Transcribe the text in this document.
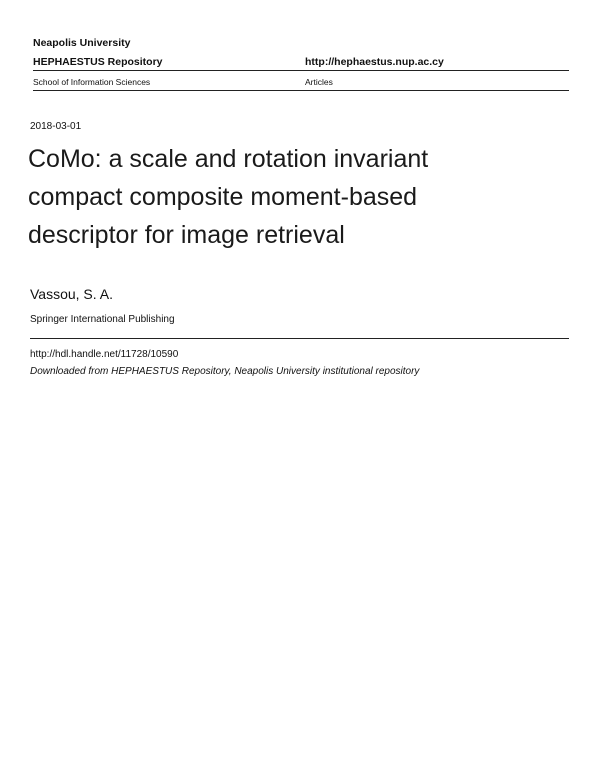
Neapolis University
HEPHAESTUS Repository	http://hephaestus.nup.ac.cy
School of Information Sciences	Articles
2018-03-01
CoMo: a scale and rotation invariant
compact composite moment-based
descriptor for image retrieval
Vassou, S. A.
Springer International Publishing
http://hdl.handle.net/11728/10590
Downloaded from HEPHAESTUS Repository, Neapolis University institutional repository
